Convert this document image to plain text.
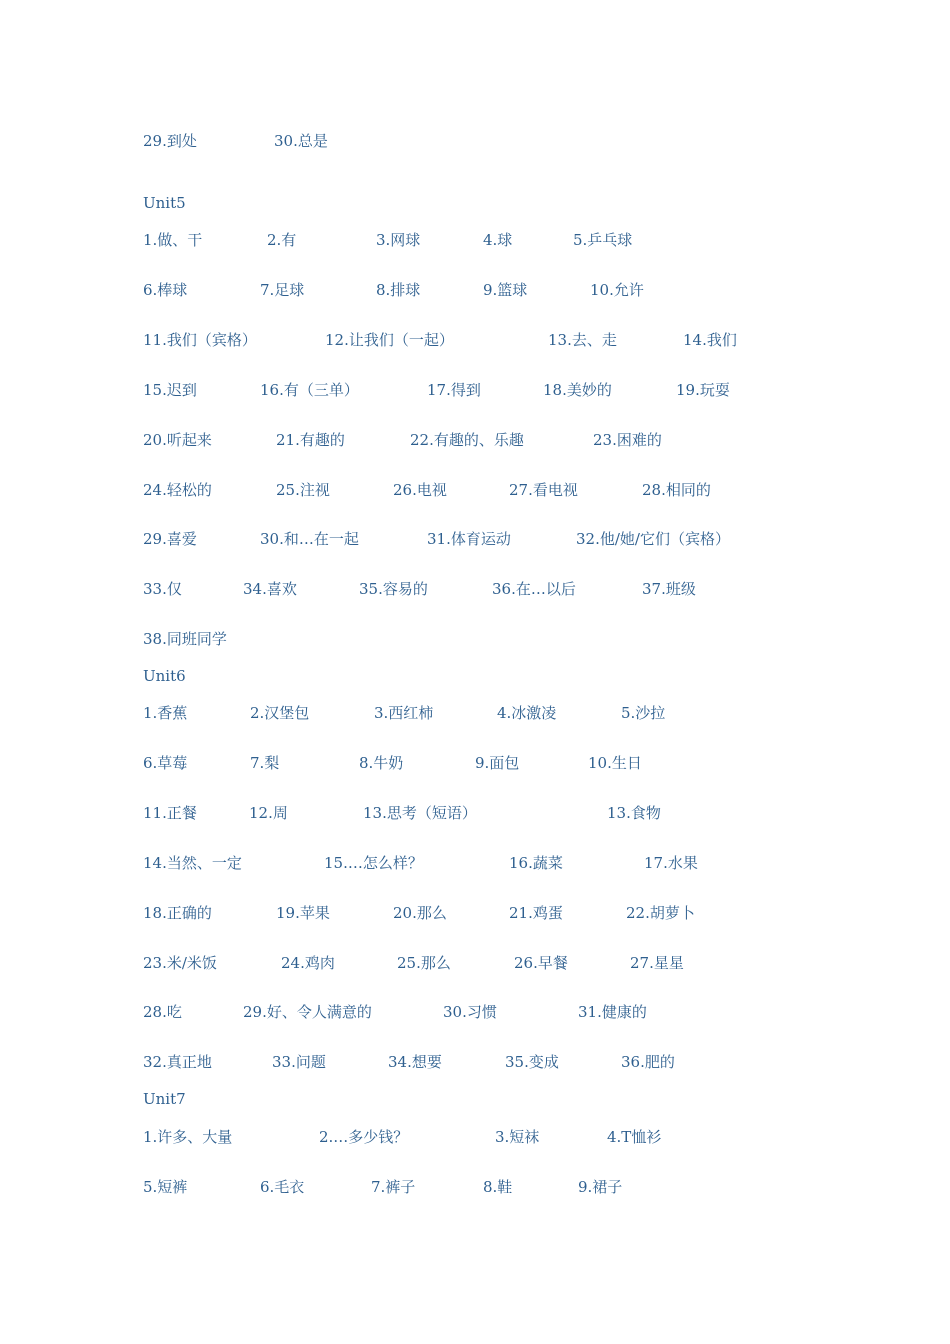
29.到处	30.总是
Unit5
1.做、干	2.有	3.网球	4.球	5.乒乓球
6.棒球	7.足球	8.排球	9.篮球	10.允许
11.我们（宾格）	12.让我们（一起）	13.去、走	14.我们
15.迟到	16.有（三单）	17.得到	18.美妙的	19.玩耍
20.听起来	21.有趣的	22.有趣的、乐趣	23.困难的
24.轻松的	25.注视	26.电视	27.看电视	28.相同的
29.喜爱	30.和…在一起	31.体育运动	32.他/她/它们（宾格）
33.仅	34.喜欢	35.容易的	36.在…以后	37.班级
38.同班同学
Unit6
1.香蕉	2.汉堡包	3.西红柿	4.冰激凌	5.沙拉
6.草莓	7.梨	8.牛奶	9.面包	10.生日
11.正餐	12.周	13.思考（短语）	13.食物
14.当然、一定	15.…怎么样？	16.蔬菜	17.水果
18.正确的	19.苹果	20.那么	21.鸡蛋	22.胡萝卜
23.米/米饭	24.鸡肉	25.那么	26.早餐	27.星星
28.吃	29.好、令人满意的	30.习惯	31.健康的
32.真正地	33.问题	34.想要	35.变成	36.肥的
Unit7
1.许多、大量	2.…多少钱？	3.短袜	4.T恤衫
5.短裤	6.毛衣	7.裤子	8.鞋	9.裙子
